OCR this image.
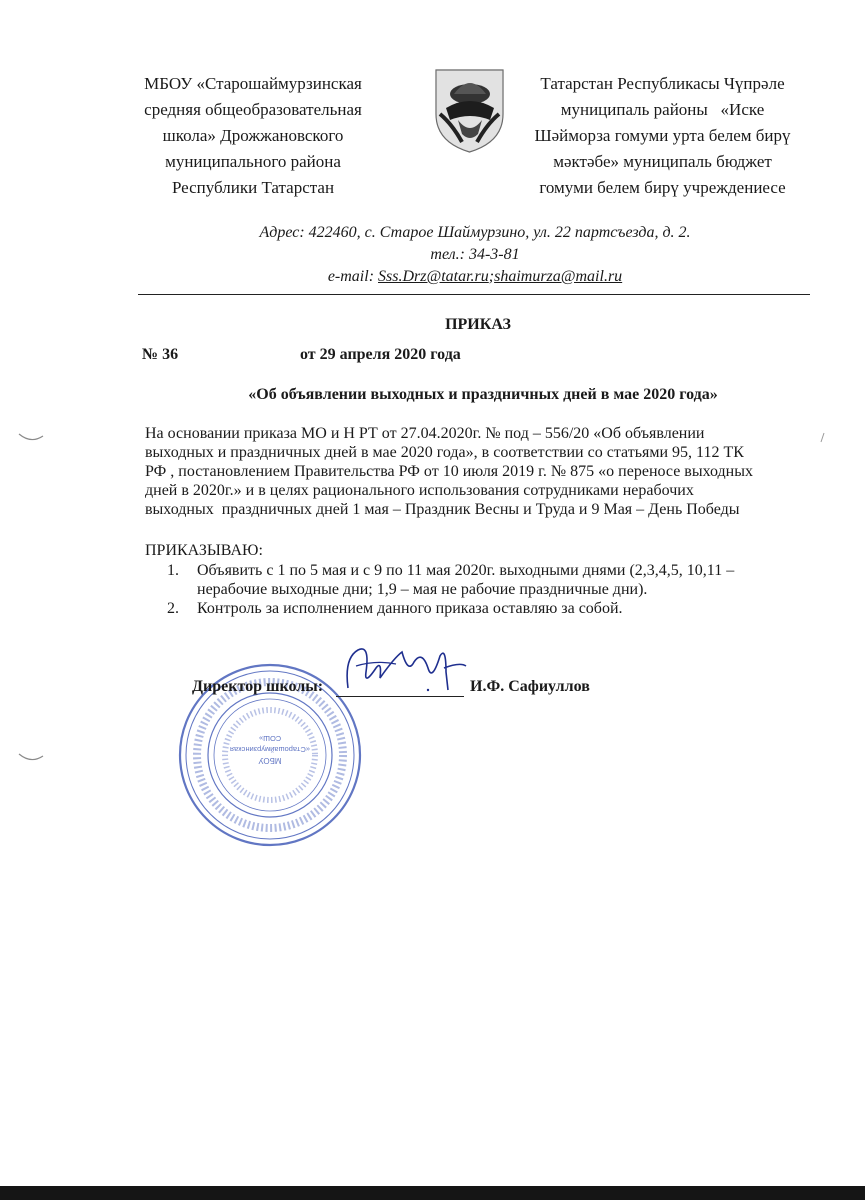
МБОУ «Старошаймурзинская
средняя общеобразовательная
школа» Дрожжановского
муниципального района
Республики Татарстан
Татарстан Республикасы Чүпрәле
муниципаль районы   «Иске
Шәйморза гомуми урта белем бирү
мәктәбе» муниципаль бюджет
гомуми белем бирү учреждениесе
Адрес: 422460, с. Старое Шаймурзино, ул. 22 партсъезда, д. 2.
тел.: 34-3-81
e-mail: Sss.Drz@tatar.ru;shaimurza@mail.ru
ПРИКАЗ
№ 36	от 29 апреля 2020 года
«Об объявлении выходных и праздничных дней в мае 2020 года»
На основании приказа МО и Н РТ от 27.04.2020г. № под – 556/20 «Об объявлении
выходных и праздничных дней в мае 2020 года», в соответствии со статьями 95, 112 ТК
РФ , постановлением Правительства РФ от 10 июля 2019 г. № 875 «о переносе выходных
дней в 2020г.» и в целях рационального использования сотрудниками нерабочих
выходных  праздничных дней 1 мая – Праздник Весны и Труда и 9 Мая – День Победы
ПРИКАЗЫВАЮ:
1. Объявить с 1 по 5 мая и с 9 по 11 мая 2020г. выходными днями (2,3,4,5, 10,11 –
нерабочие выходные дни; 1,9 – мая не рабочие праздничные дни).
2. Контроль за исполнением данного приказа оставляю за собой.
МБОУ
«Старошаймурзинская
СОШ»
Директор школы:	И.Ф. Сафиуллов
